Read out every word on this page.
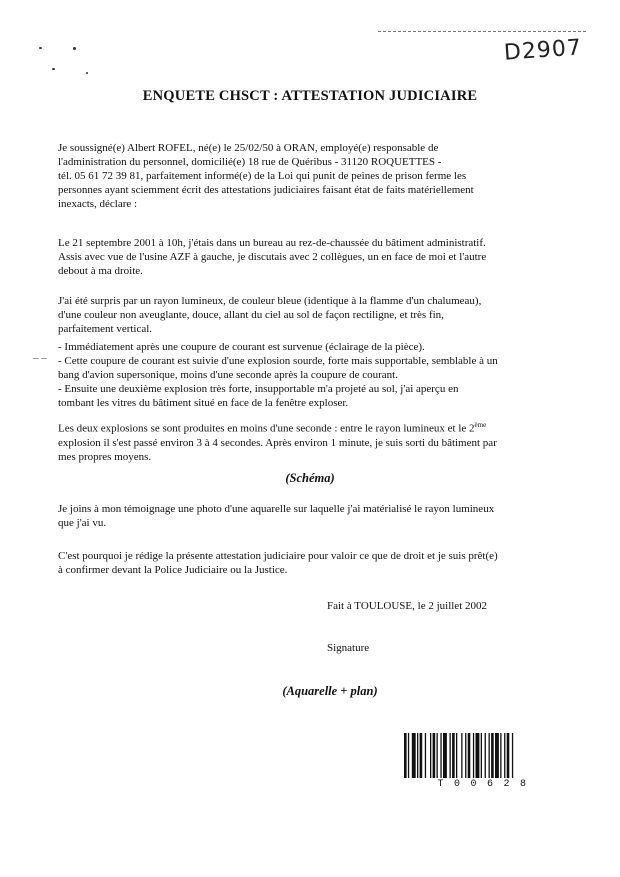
D2907
ENQUETE CHSCT : ATTESTATION JUDICIAIRE

Je soussigné(e) Albert ROFEL, né(e) le 25/02/50 à ORAN, employé(e) responsable de
l'administration du personnel, domicilié(e) 18 rue de Quéribus - 31120 ROQUETTES -
tél. 05 61 72 39 81, parfaitement informé(e) de la Loi qui punit de peines de prison ferme les
personnes ayant sciemment écrit des attestations judiciaires faisant état de faits matériellement
inexacts, déclare :

Le 21 septembre 2001 à 10h, j'étais dans un bureau au rez-de-chaussée du bâtiment administratif.
Assis avec vue de l'usine AZF à gauche, je discutais avec 2 collègues, un en face de moi et l'autre
debout à ma droite.

J'ai été surpris par un rayon lumineux, de couleur bleue (identique à la flamme d'un chalumeau),
d'une couleur non aveuglante, douce, allant du ciel au sol de façon rectiligne, et très fin,
parfaitement vertical.

– –

- Immédiatement après une coupure de courant est survenue (éclairage de la pièce).
- Cette coupure de courant est suivie d'une explosion sourde, forte mais supportable, semblable à un
bang d'avion supersonique, moins d'une seconde après la coupure de courant.
- Ensuite une deuxième explosion très forte, insupportable m'a projeté au sol, j'ai aperçu en
tombant les vitres du bâtiment situé en face de la fenêtre exploser.

Les deux explosions se sont produites en moins d'une seconde : entre le rayon lumineux et le 2ème
explosion il s'est passé environ 3 à 4 secondes. Après environ 1 minute, je suis sorti du bâtiment par
mes propres moyens.

(Schéma)

Je joins à mon témoignage une photo d'une aquarelle sur laquelle j'ai matérialisé le rayon lumineux
que j'ai vu.

C'est pourquoi je rédige la présente attestation judiciaire pour valoir ce que de droit et je suis prêt(e)
à confirmer devant la Police Judiciaire ou la Justice.

Fait à TOULOUSE, le 2 juillet 2002
Signature
(Aquarelle + plan)
T00628
